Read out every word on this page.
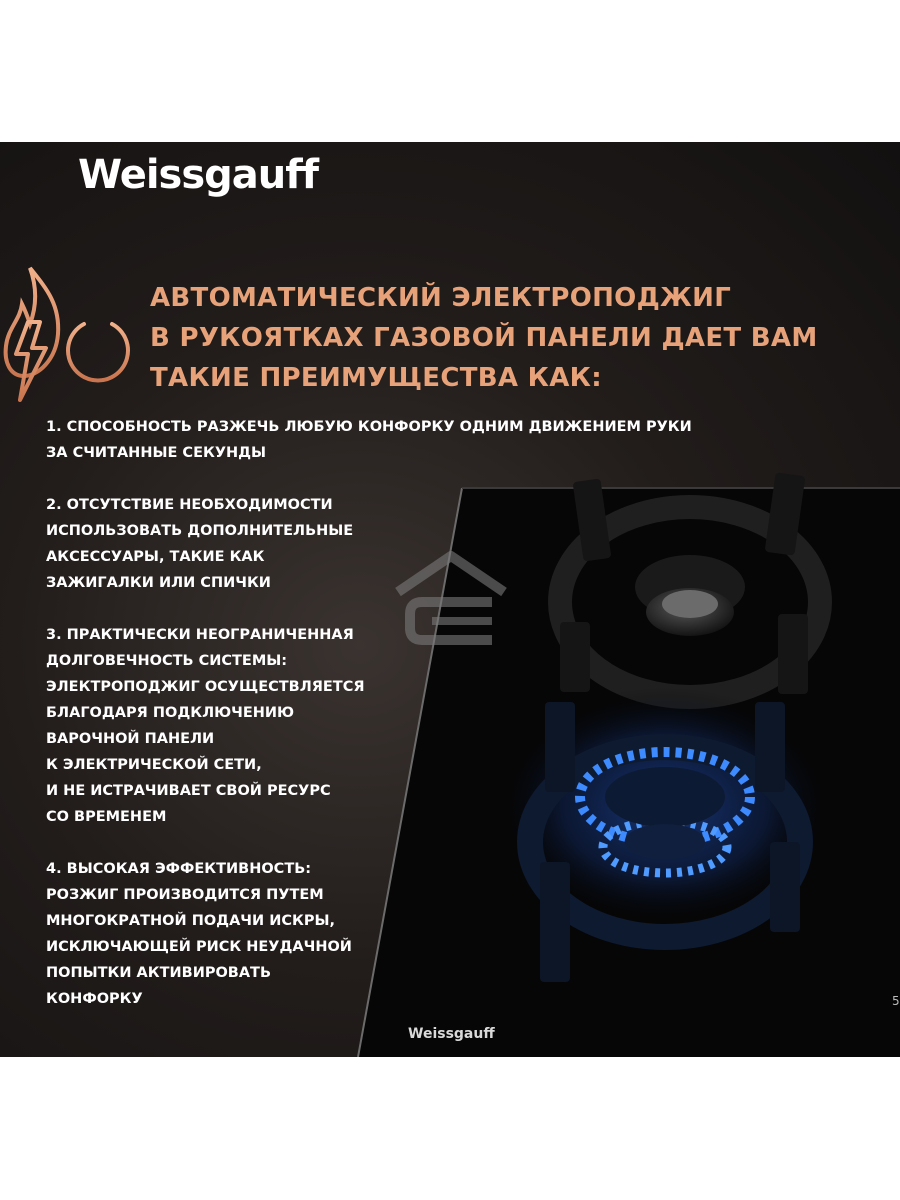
Weissgauff
АВТОМАТИЧЕСКИЙ ЭЛЕКТРОПОДЖИГ
В РУКОЯТКАХ ГАЗОВОЙ ПАНЕЛИ ДАЕТ ВАМ
ТАКИЕ ПРЕИМУЩЕСТВА КАК:

1. СПОСОБНОСТЬ РАЗЖЕЧЬ ЛЮБУЮ КОНФОРКУ ОДНИМ ДВИЖЕНИЕМ РУКИ
ЗА СЧИТАННЫЕ СЕКУНДЫ

2. ОТСУТСТВИЕ НЕОБХОДИМОСТИ
ИСПОЛЬЗОВАТЬ ДОПОЛНИТЕЛЬНЫЕ
АКСЕССУАРЫ, ТАКИЕ КАК
ЗАЖИГАЛКИ ИЛИ СПИЧКИ

3. ПРАКТИЧЕСКИ НЕОГРАНИЧЕННАЯ
ДОЛГОВЕЧНОСТЬ СИСТЕМЫ:
ЭЛЕКТРОПОДЖИГ ОСУЩЕСТВЛЯЕТСЯ
БЛАГОДАРЯ ПОДКЛЮЧЕНИЮ
ВАРОЧНОЙ ПАНЕЛИ
К ЭЛЕКТРИЧЕСКОЙ СЕТИ,
И НЕ ИСТРАЧИВАЕТ СВОЙ РЕСУРС
СО ВРЕМЕНЕМ

4. ВЫСОКАЯ ЭФФЕКТИВНОСТЬ:
РОЗЖИГ ПРОИЗВОДИТСЯ ПУТЕМ
МНОГОКРАТНОЙ ПОДАЧИ ИСКРЫ,
ИСКЛЮЧАЮЩЕЙ РИСК НЕУДАЧНОЙ
ПОПЫТКИ АКТИВИРОВАТЬ
КОНФОРКУ

Weissgauff
5
